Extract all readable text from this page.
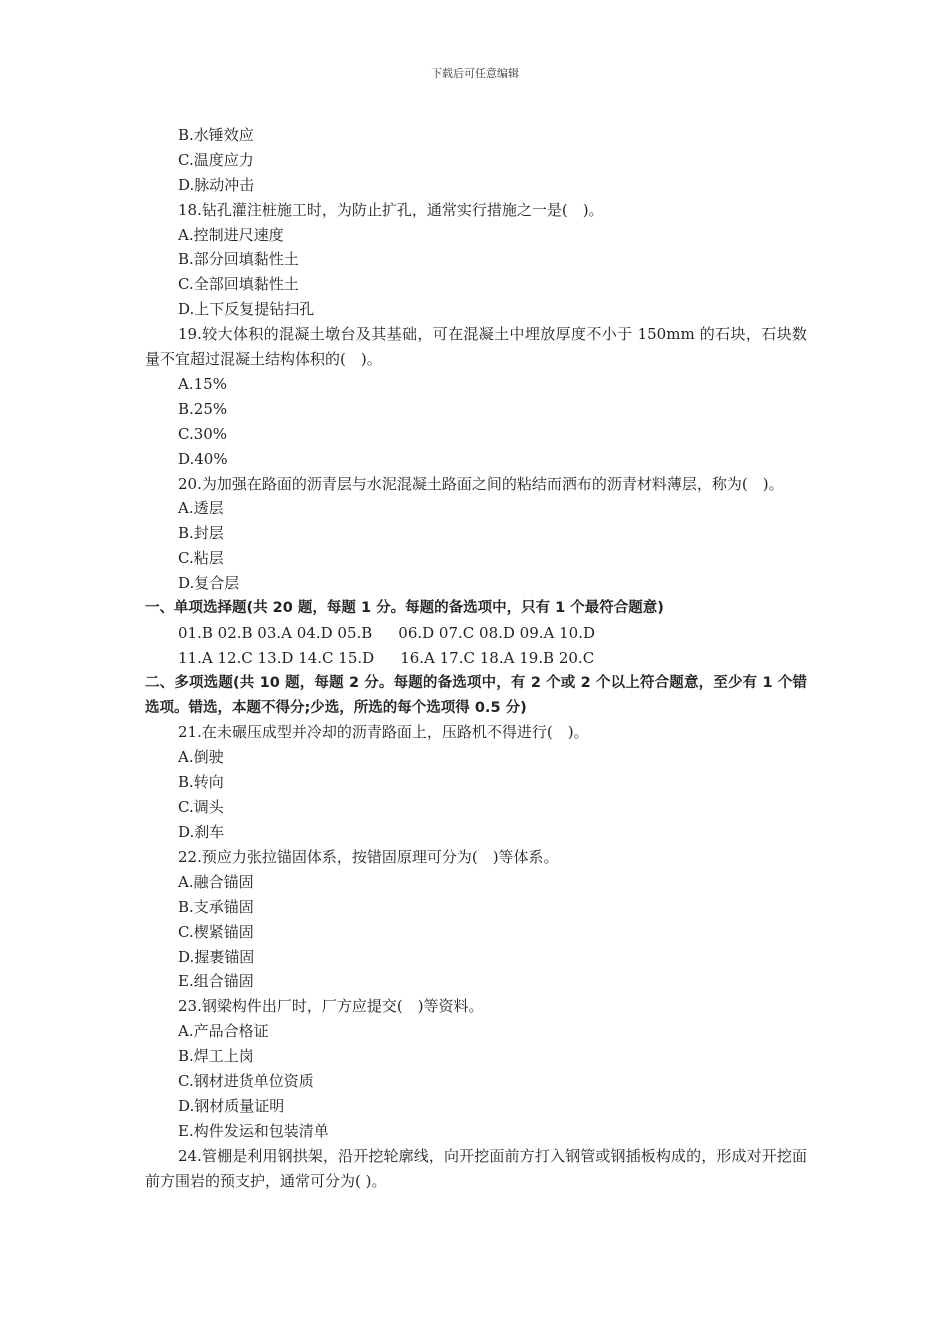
下载后可任意编辑
B.水锤效应
C.温度应力
D.脉动冲击
18.钻孔灌注桩施工时，为防止扩孔，通常实行措施之一是(　)。
A.控制进尺速度
B.部分回填黏性土
C.全部回填黏性土
D.上下反复提钻扫孔
19.较大体积的混凝土墩台及其基础，可在混凝土中埋放厚度不小于 150mm 的石块，石块数量不宜超过混凝土结构体积的(　)。
A.15%
B.25%
C.30%
D.40%
20.为加强在路面的沥青层与水泥混凝土路面之间的粘结而洒布的沥青材料薄层，称为(　)。
A.透层
B.封层
C.粘层
D.复合层
一、单项选择题(共 20 题，每题 1 分。每题的备选项中，只有 1 个最符合题意)
01.B 02.B 03.A 04.D 05.B 06.D 07.C 08.D 09.A 10.D
11.A 12.C 13.D 14.C 15.D 16.A 17.C 18.A 19.B 20.C
二、多项选题(共 10 题，每题 2 分。每题的备选项中，有 2 个或 2 个以上符合题意，至少有 1 个错选项。错选，本题不得分;少选，所选的每个选项得 0.5 分)
21.在未碾压成型并冷却的沥青路面上，压路机不得进行(　)。
A.倒驶
B.转向
C.调头
D.刹车
22.预应力张拉锚固体系，按错固原理可分为(　)等体系。
A.融合锚固
B.支承锚固
C.楔紧锚固
D.握裹锚固
E.组合锚固
23.钢梁构件出厂时，厂方应提交(　)等资料。
A.产品合格证
B.焊工上岗
C.钢材进货单位资质
D.钢材质量证明
E.构件发运和包装清单
24.管棚是利用钢拱架，沿开挖轮廓线，向开挖面前方打入钢管或钢插板构成的，形成对开挖面前方围岩的预支护，通常可分为( )。
